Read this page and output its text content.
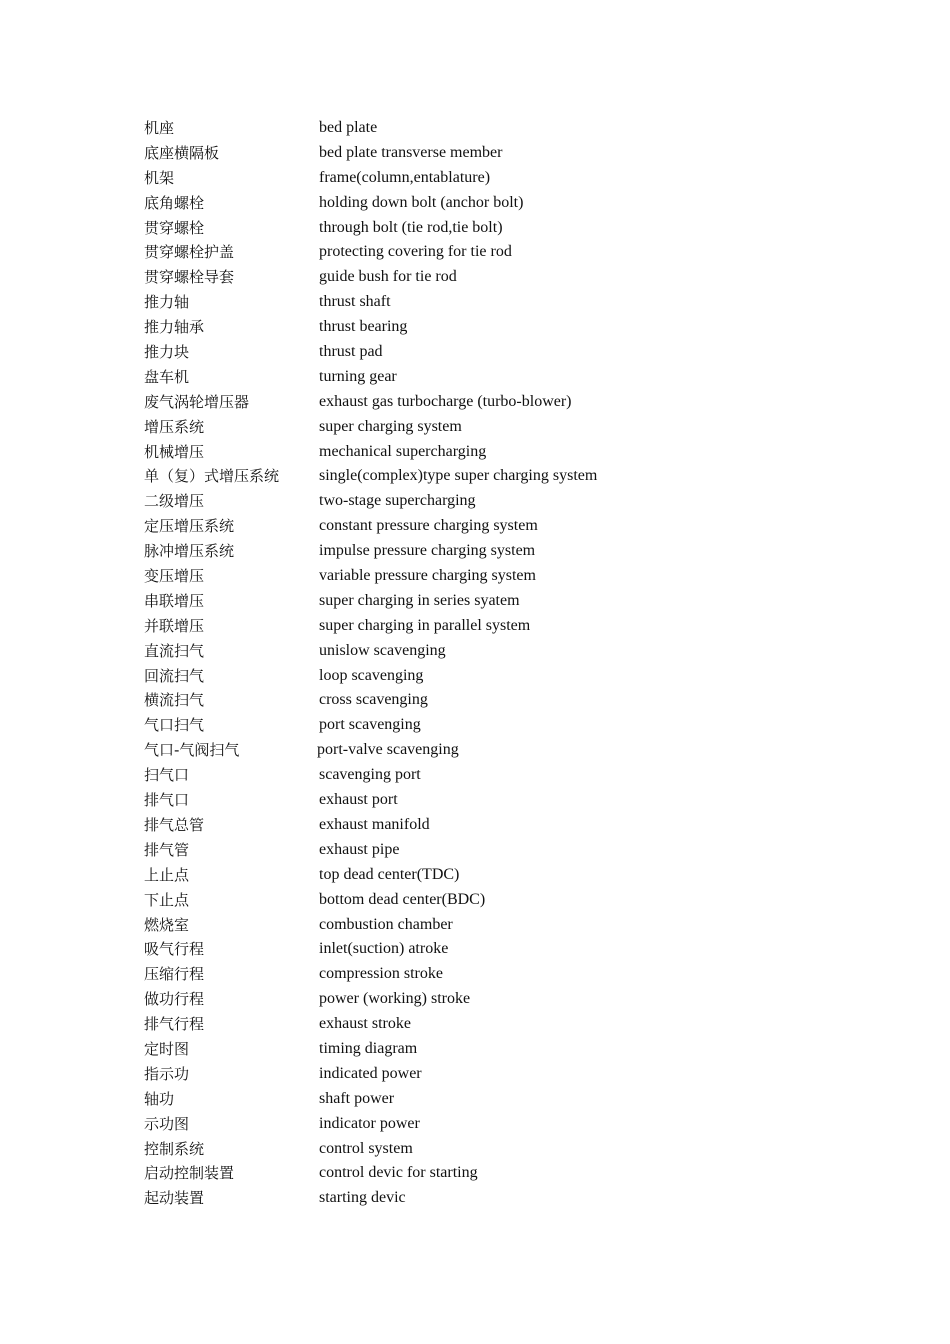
机座	bed plate
底座横隔板	bed plate transverse member
机架	frame(column,entablature)
底角螺栓	holding down bolt (anchor bolt)
贯穿螺栓	through bolt (tie rod,tie bolt)
贯穿螺栓护盖	protecting covering for tie rod
贯穿螺栓导套	guide bush for tie rod
推力轴	thrust shaft
推力轴承	thrust bearing
推力块	thrust pad
盘车机	turning gear
废气涡轮增压器	exhaust gas turbocharge (turbo-blower)
增压系统	super charging system
机械增压	mechanical supercharging
单（复）式增压系统	single(complex)type super charging system
二级增压	two-stage supercharging
定压增压系统	constant pressure charging system
脉冲增压系统	impulse pressure charging system
变压增压	variable pressure charging system
串联增压	super charging in series syatem
并联增压	super charging in parallel system
直流扫气	unislow scavenging
回流扫气	loop scavenging
横流扫气	cross scavenging
气口扫气	port scavenging
气口-气阀扫气	port-valve scavenging
扫气口	scavenging port
排气口	exhaust port
排气总管	exhaust manifold
排气管	exhaust pipe
上止点	top dead center(TDC)
下止点	bottom dead center(BDC)
燃烧室	combustion chamber
吸气行程	inlet(suction) atroke
压缩行程	compression stroke
做功行程	power (working) stroke
排气行程	exhaust stroke
定时图	timing diagram
指示功	indicated power
轴功	shaft power
示功图	indicator power
控制系统	control system
启动控制装置	control devic for starting
起动装置	starting devic
